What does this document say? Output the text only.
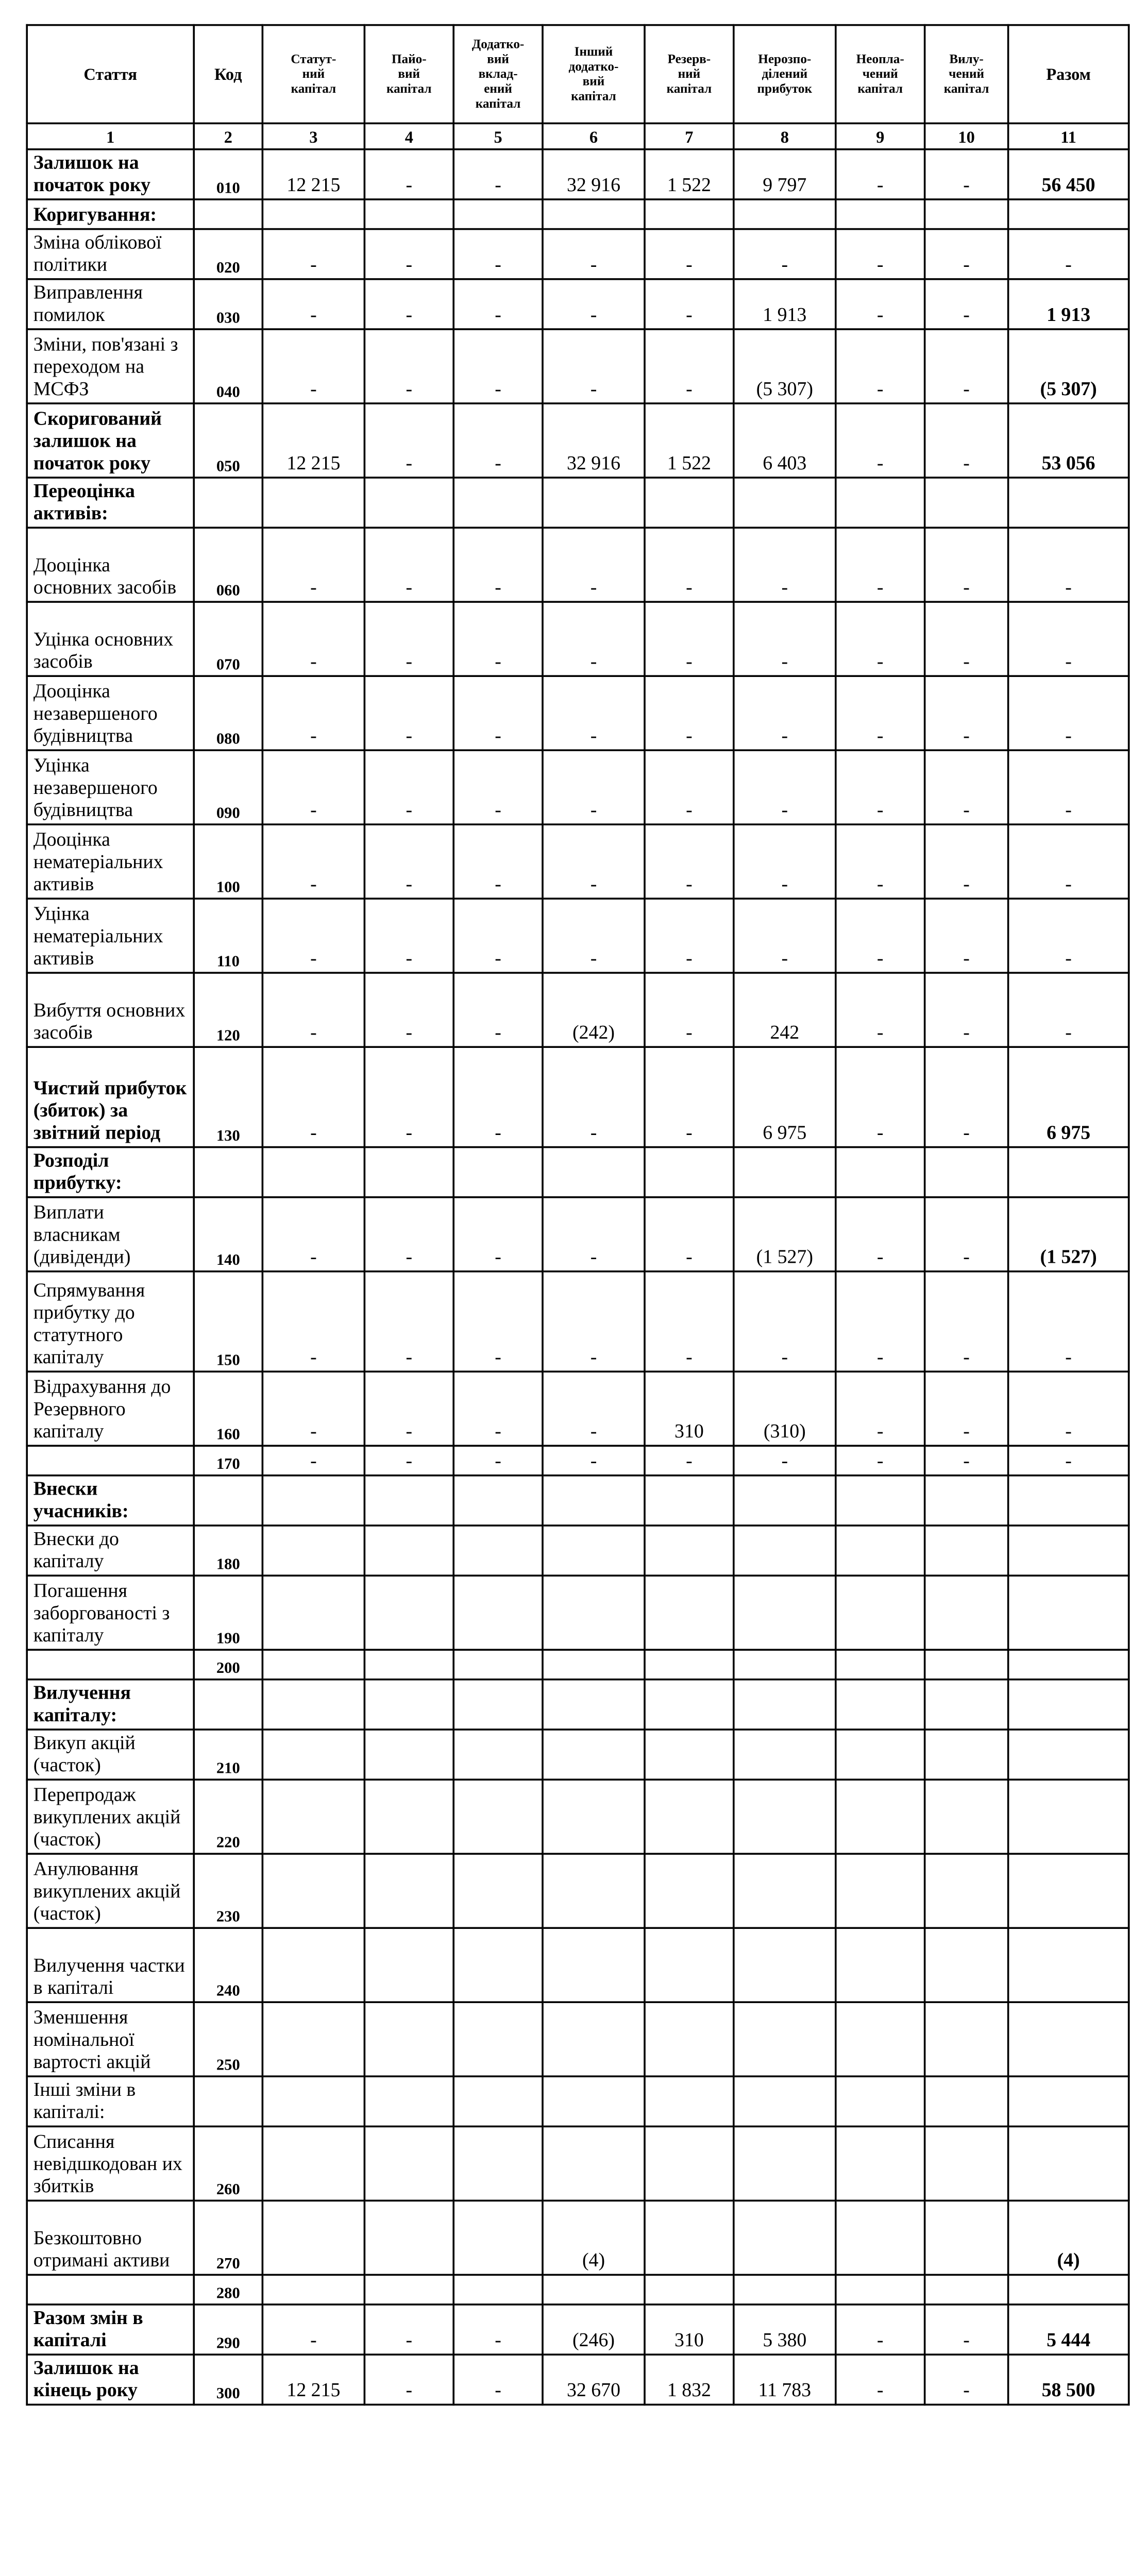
Стаття	Код	Статут-
ний
капітал	Пайо-
вий
капітал	Додатко-
вий
вклад-
ений
капітал	Інший
додатко-
вий
капітал	Резерв-
ний
капітал	Нерозпо-
ділений
прибуток	Неопла-
чений
капітал	Вилу-
чений
капітал	Разом
1	2	3	4	5	6	7	8	9	10	11
Залишок на початок року	010	12 215	-	-	32 916	1 522	9 797	-	-	56 450
Коригування:										
Зміна облікової політики	020	-	-	-	-	-	-	-	-	-
Виправлення помилок	030	-	-	-	-	-	1 913	-	-	1 913
Зміни, пов'язані з переходом на МСФЗ	040	-	-	-	-	-	(5 307)	-	-	(5 307)
Скоригований залишок на початок року	050	12 215	-	-	32 916	1 522	6 403	-	-	53 056
Переоцінка активів:										
Дооцінка основних засобів	060	-	-	-	-	-	-	-	-	-
Уцінка основних засобів	070	-	-	-	-	-	-	-	-	-
Дооцінка незавершеного будівництва	080	-	-	-	-	-	-	-	-	-
Уцінка незавершеного будівництва	090	-	-	-	-	-	-	-	-	-
Дооцінка нематеріальних активів	100	-	-	-	-	-	-	-	-	-
Уцінка нематеріальних активів	110	-	-	-	-	-	-	-	-	-
Вибуття основних засобів	120	-	-	-	(242)	-	242	-	-	-
Чистий прибуток (збиток) за звітний період	130	-	-	-	-	-	6 975	-	-	6 975
Розподіл прибутку:										
Виплати власникам (дивіденди)	140	-	-	-	-	-	(1 527)	-	-	(1 527)
Спрямування прибутку до статутного капіталу	150	-	-	-	-	-	-	-	-	-
Відрахування до Резервного капіталу	160	-	-	-	-	310	(310)	-	-	-
	170	-	-	-	-	-	-	-	-	-
Внески учасників:										
Внески до капіталу	180									
Погашення заборгованості з капіталу	190									
	200									
Вилучення капіталу:										
Викуп акцій (часток)	210									
Перепродаж викуплених акцій (часток)	220									
Анулювання викуплених акцій (часток)	230									
Вилучення частки в капіталі	240									
Зменшення номінальної вартості акцій	250									
Інші зміни в капіталі:										
Списання невідшкодован их збитків	260									
Безкоштовно отримані активи	270				(4)					(4)
	280									
Разом змін в капіталі	290	-	-	-	(246)	310	5 380	-	-	5 444
Залишок на кінець року	300	12 215	-	-	32 670	1 832	11 783	-	-	58 500
